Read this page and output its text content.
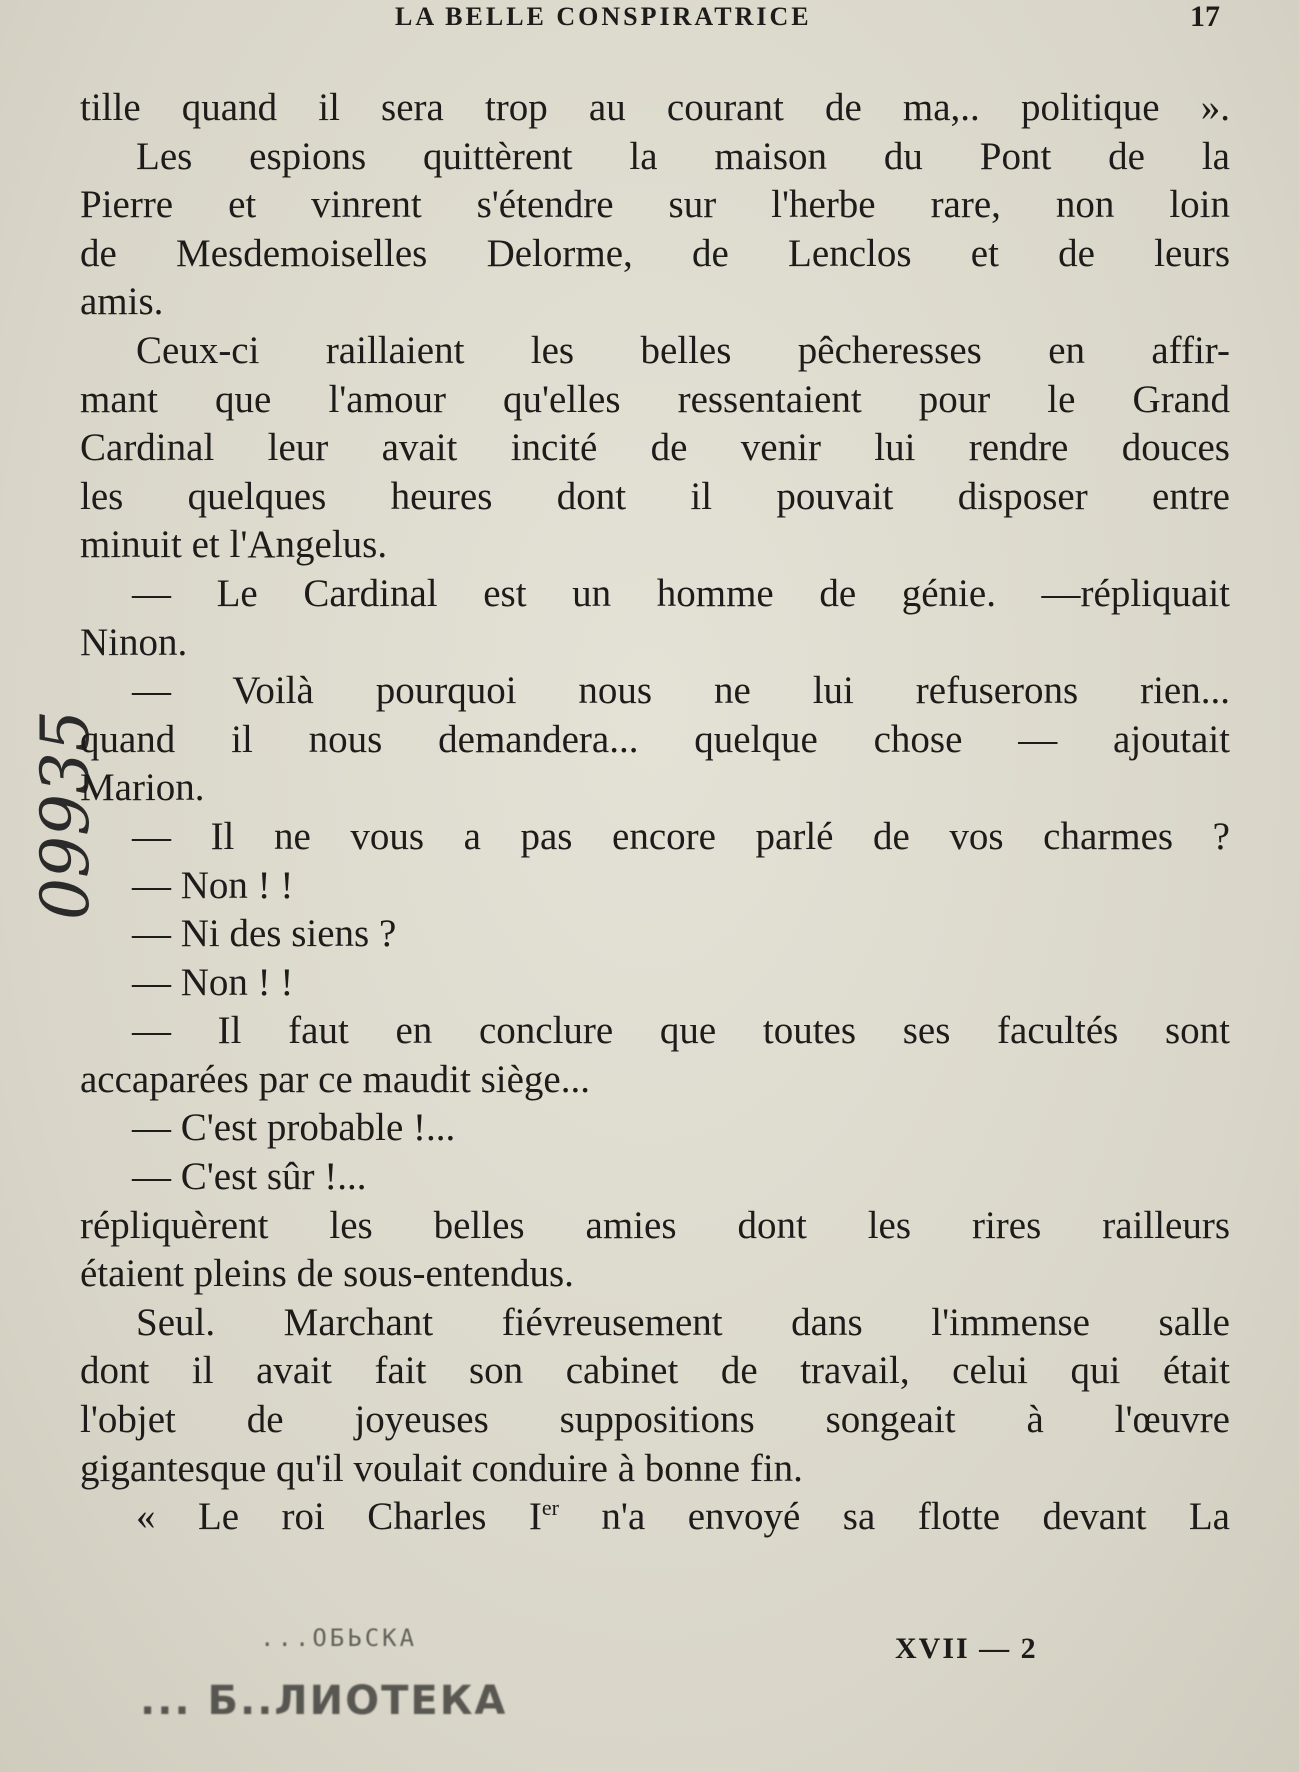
LA BELLE CONSPIRATRICE	17
09935
tille quand il sera trop au courant de ma,.. politique ».
Les espions quittèrent la maison du Pont de la
Pierre et vinrent s'étendre sur l'herbe rare, non loin
de Mesdemoiselles Delorme, de Lenclos et de leurs
amis.
Ceux-ci raillaient les belles pêcheresses en affir-
mant que l'amour qu'elles ressentaient pour le Grand
Cardinal leur avait incité de venir lui rendre douces
les quelques heures dont il pouvait disposer entre
minuit et l'Angelus.
— Le Cardinal est un homme de génie. —répliquait
Ninon.
— Voilà pourquoi nous ne lui refuserons rien...
quand il nous demandera... quelque chose — ajoutait
Marion.
— Il ne vous a pas encore parlé de vos charmes ?
— Non ! !
— Ni des siens ?
— Non ! !
— Il faut en conclure que toutes ses facultés sont
accaparées par ce maudit siège...
— C'est probable !...
— C'est sûr !...
répliquèrent les belles amies dont les rires railleurs
étaient pleins de sous-entendus.
Seul. Marchant fiévreusement dans l'immense salle
dont il avait fait son cabinet de travail, celui qui était
l'objet de joyeuses suppositions songeait à l'œuvre
gigantesque qu'il voulait conduire à bonne fin.
« Le roi Charles Ier n'a envoyé sa flotte devant La
XVII — 2
...ОБЬСКА
... Б..ЛИОТЕКА
